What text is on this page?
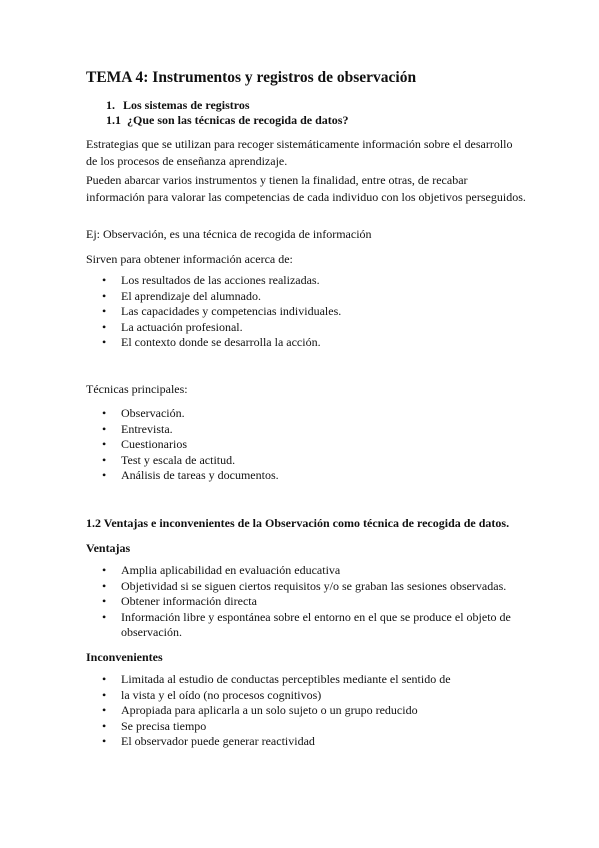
TEMA 4: Instrumentos y registros de observación
1. Los sistemas de registros
1.1 ¿Que son las técnicas de recogida de datos?
Estrategias que se utilizan para recoger sistemáticamente información sobre el desarrollo de los procesos de enseñanza aprendizaje.
Pueden abarcar varios instrumentos y tienen la finalidad, entre otras, de recabar información para valorar las competencias de cada individuo con los objetivos perseguidos.
Ej: Observación, es una técnica de recogida de información
Sirven para obtener información acerca de:
• Los resultados de las acciones realizadas.
• El aprendizaje del alumnado.
• Las capacidades y competencias individuales.
• La actuación profesional.
• El contexto donde se desarrolla la acción.
Técnicas principales:
• Observación.
• Entrevista.
• Cuestionarios
• Test y escala de actitud.
• Análisis de tareas y documentos.
1.2 Ventajas e inconvenientes de la Observación como técnica de recogida de datos.
Ventajas
• Amplia aplicabilidad en evaluación educativa
• Objetividad si se siguen ciertos requisitos y/o se graban las sesiones observadas.
• Obtener información directa
• Información libre y espontánea sobre el entorno en el que se produce el objeto de observación.
Inconvenientes
• Limitada al estudio de conductas perceptibles mediante el sentido de
• la vista y el oído (no procesos cognitivos)
• Apropiada para aplicarla a un solo sujeto o un grupo reducido
• Se precisa tiempo
• El observador puede generar reactividad
